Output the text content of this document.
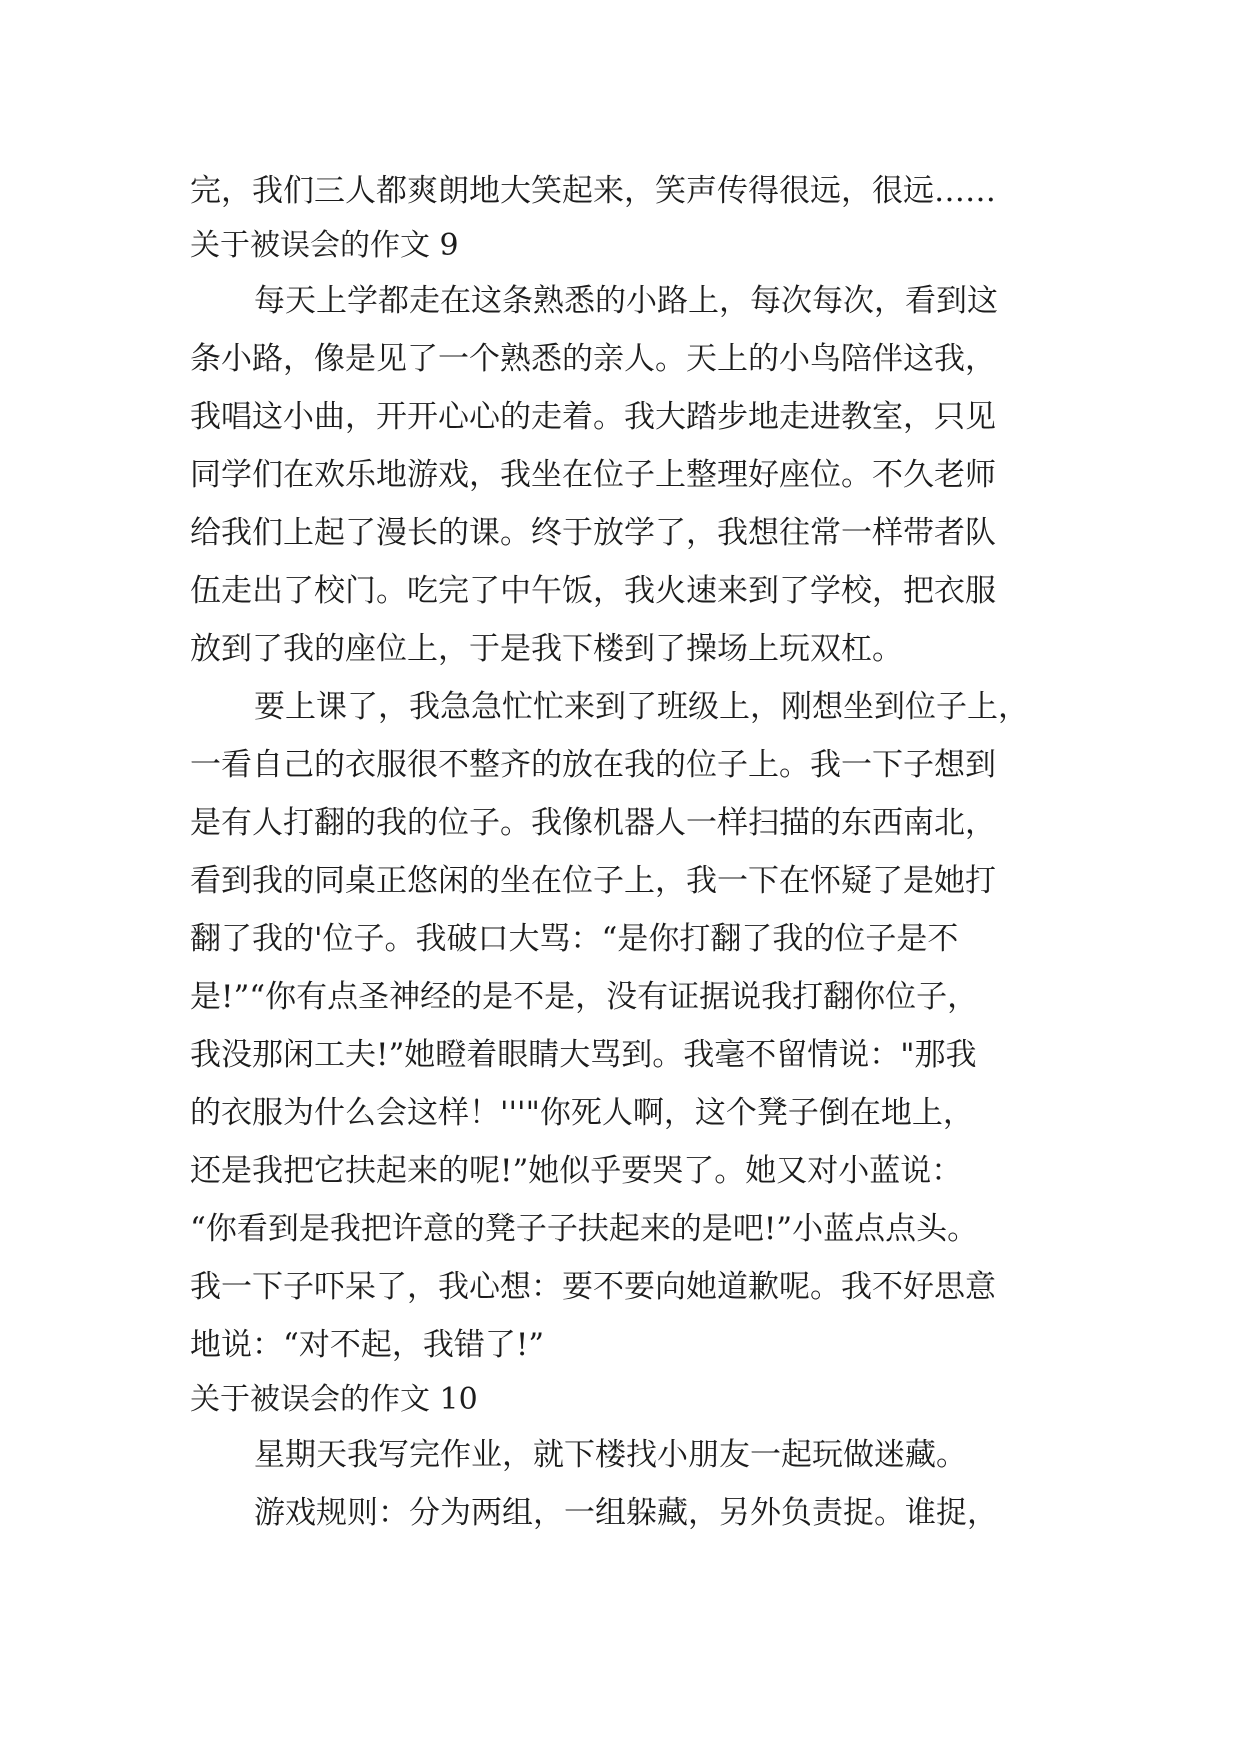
完，我们三人都爽朗地大笑起来，笑声传得很远，很远……
关于被误会的作文 9
每天上学都走在这条熟悉的小路上，每次每次，看到这
条小路，像是见了一个熟悉的亲人。天上的小鸟陪伴这我，
我唱这小曲，开开心心的走着。我大踏步地走进教室，只见
同学们在欢乐地游戏，我坐在位子上整理好座位。不久老师
给我们上起了漫长的课。终于放学了，我想往常一样带者队
伍走出了校门。吃完了中午饭，我火速来到了学校，把衣服
放到了我的座位上，于是我下楼到了操场上玩双杠。
要上课了，我急急忙忙来到了班级上，刚想坐到位子上，
一看自己的衣服很不整齐的放在我的位子上。我一下子想到
是有人打翻的我的位子。我像机器人一样扫描的东西南北，
看到我的同桌正悠闲的坐在位子上，我一下在怀疑了是她打
翻了我的'位子。我破口大骂：“是你打翻了我的位子是不
是!”“你有点圣神经的是不是，没有证据说我打翻你位子，
我没那闲工夫!”她瞪着眼睛大骂到。我毫不留情说："那我
的衣服为什么会这样！'''"你死人啊，这个凳子倒在地上，
还是我把它扶起来的呢!”她似乎要哭了。她又对小蓝说：
“你看到是我把许意的凳子子扶起来的是吧!”小蓝点点头。
我一下子吓呆了，我心想：要不要向她道歉呢。我不好思意
地说：“对不起，我错了!”
关于被误会的作文 10
星期天我写完作业，就下楼找小朋友一起玩做迷藏。
游戏规则：分为两组，一组躲藏，另外负责捉。谁捉，
